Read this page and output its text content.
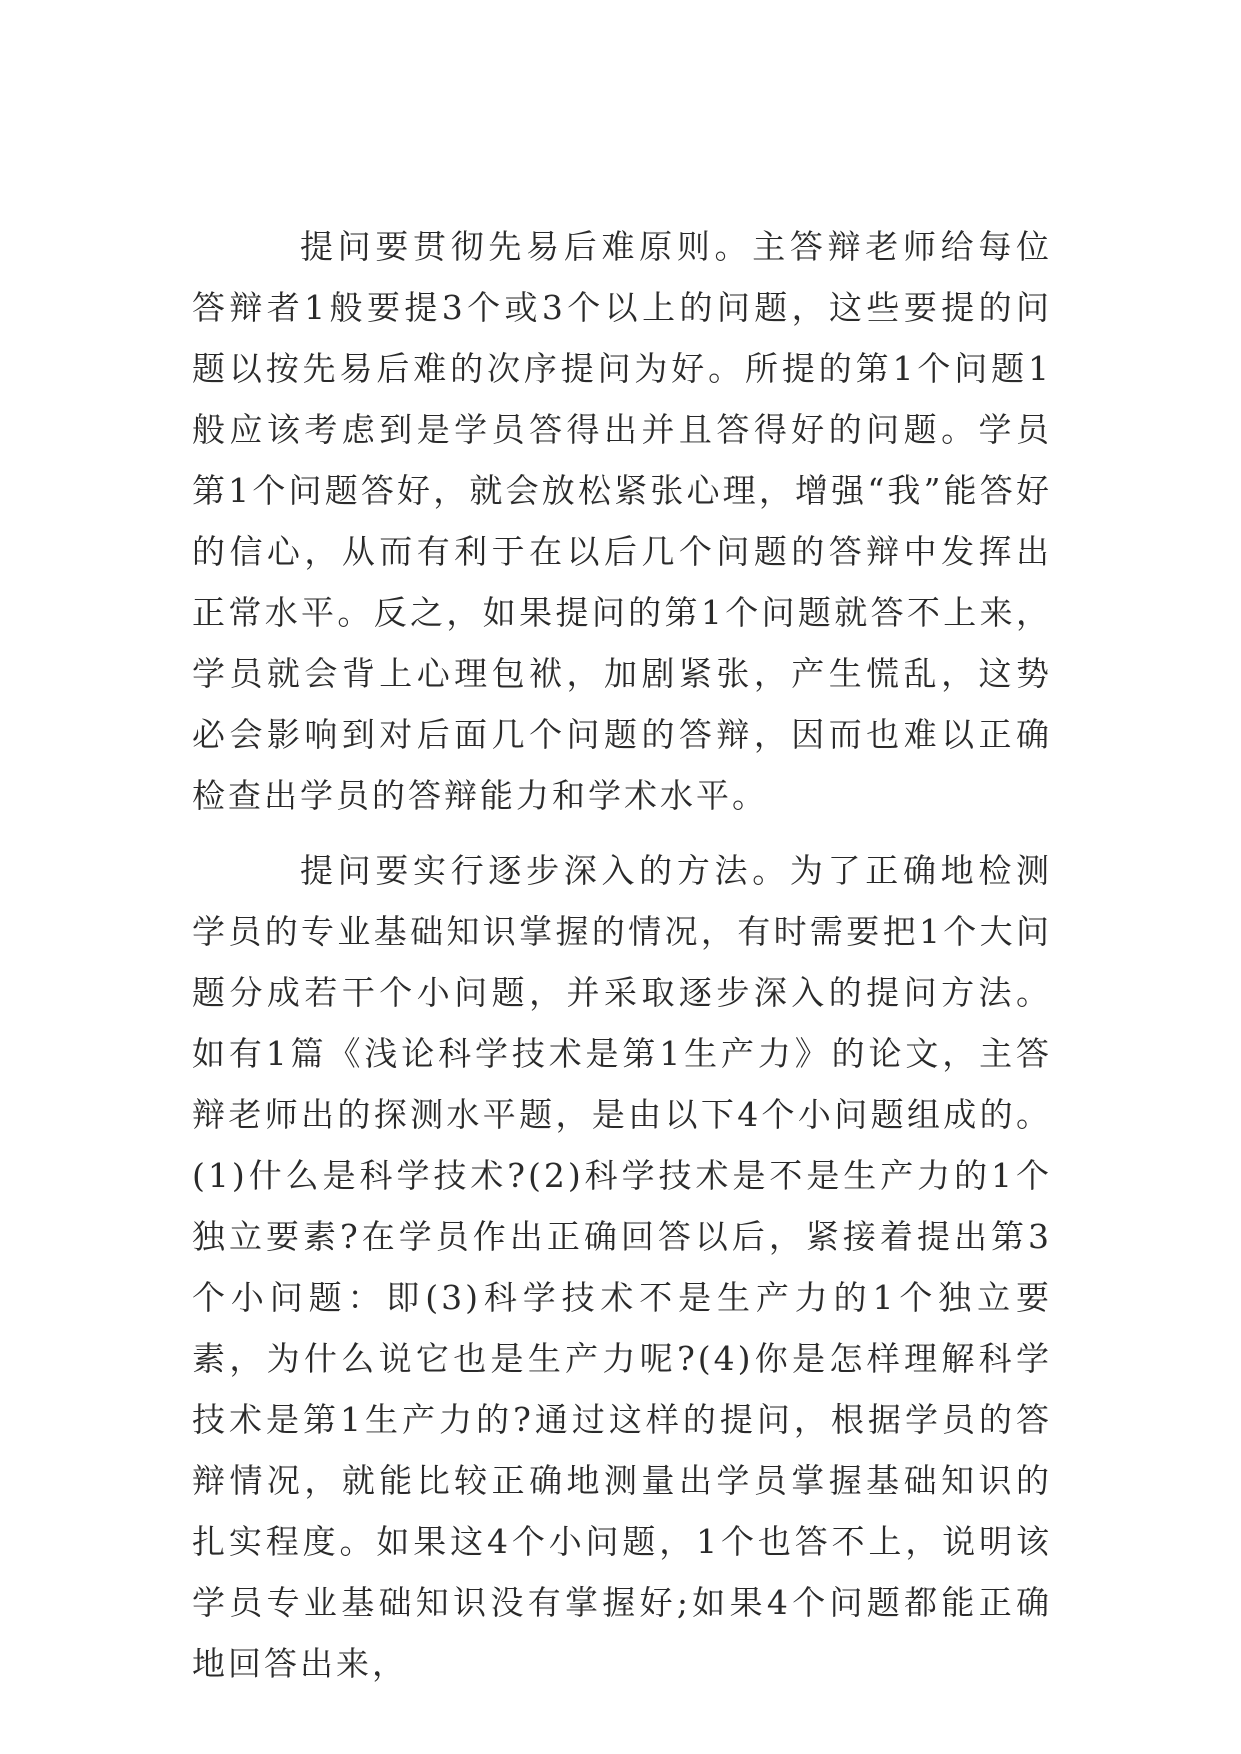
提问要贯彻先易后难原则。主答辩老师给每位答辩者1般要提3个或3个以上的问题，这些要提的问题以按先易后难的次序提问为好。所提的第1个问题1般应该考虑到是学员答得出并且答得好的问题。学员第1个问题答好，就会放松紧张心理，增强“我”能答好的信心，从而有利于在以后几个问题的答辩中发挥出正常水平。反之，如果提问的第1个问题就答不上来，学员就会背上心理包袱，加剧紧张，产生慌乱，这势必会影响到对后面几个问题的答辩，因而也难以正确检查出学员的答辩能力和学术水平。

提问要实行逐步深入的方法。为了正确地检测学员的专业基础知识掌握的情况，有时需要把1个大问题分成若干个小问题，并采取逐步深入的提问方法。如有1篇《浅论科学技术是第1生产力》的论文，主答辩老师出的探测水平题，是由以下4个小问题组成的。(1)什么是科学技术?(2)科学技术是不是生产力的1个独立要素?在学员作出正确回答以后，紧接着提出第3个小问题：即(3)科学技术不是生产力的1个独立要素，为什么说它也是生产力呢?(4)你是怎样理解科学技术是第1生产力的?通过这样的提问，根据学员的答辩情况，就能比较正确地测量出学员掌握基础知识的扎实程度。如果这4个小问题，1个也答不上，说明该学员专业基础知识没有掌握好;如果4个问题都能正确地回答出来，
